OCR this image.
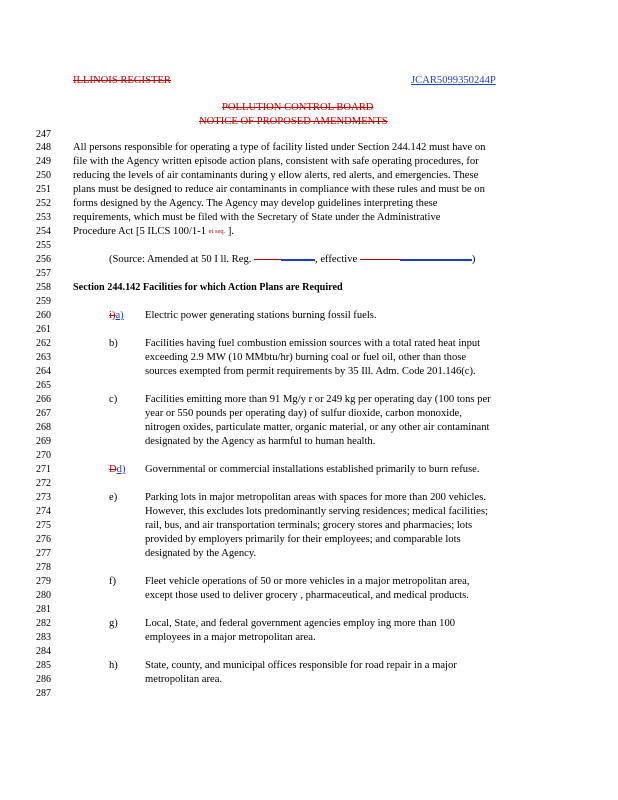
ILLINOIS REGISTER	JCAR5099350244P
POLLUTION CONTROL BOARD
NOTICE OF PROPOSED AMENDMENTS
247
248
249
250
251
252
253
254
255
256
257
258
259
260
261
262
263
264
265
266
267
268
269
270
271
272
273
274
275
276
277
278
279
280
281
282
283
284
285
286
287
All persons responsible for operating a type of facility listed under Section 244.142 must have on
file with the Agency written episode action plans, consistent with safe operating procedures, for
reducing the levels of air contaminants during y ellow alerts, red alerts, and emergencies. These
plans must be designed to reduce air contaminants in compliance with these rules and must be on
forms designed by the Agency. The Agency may develop guidelines interpreting these
requirements, which must be filed with the Secretary of State under the Administrative
Procedure Act [5 ILCS 100/1-1 et seq. ].
(Source: Amended at 50 I ll. Reg.	, effective	)
Section 244.142 Facilities for which Action Plans are Required
i)a) Electric power generating stations burning fossil fuels.
b)	Facilities having fuel combustion emission sources with a total rated heat input
exceeding 2.9 MW (10 MMbtu/hr) burning coal or fuel oil, other than those
sources exempted from permit requirements by 35 Ill. Adm. Code 201.146(c).
c)	Facilities emitting more than 91 Mg/y r or 249 kg per operating day (100 tons per
year or 550 pounds per operating day) of sulfur dioxide, carbon monoxide,
nitrogen oxides, particulate matter, organic material, or any other air contaminant
designated by the Agency as harmful to human health.
Dd) Governmental or commercial installations established primarily to burn refuse.
e)	Parking lots in major metropolitan areas with spaces for more than 200 vehicles.
However, this excludes lots predominantly serving residences; medical facilities;
rail, bus, and air transportation terminals; grocery stores and pharmacies; lots
provided by employers primarily for their employees; and comparable lots
designated by the Agency.
f)	Fleet vehicle operations of 50 or more vehicles in a major metropolitan area,
except those used to deliver grocery , pharmaceutical, and medical products.
g)	Local, State, and federal government agencies employ ing more than 100
employees in a major metropolitan area.
h)	State, county, and municipal offices responsible for road repair in a major
metropolitan area.
